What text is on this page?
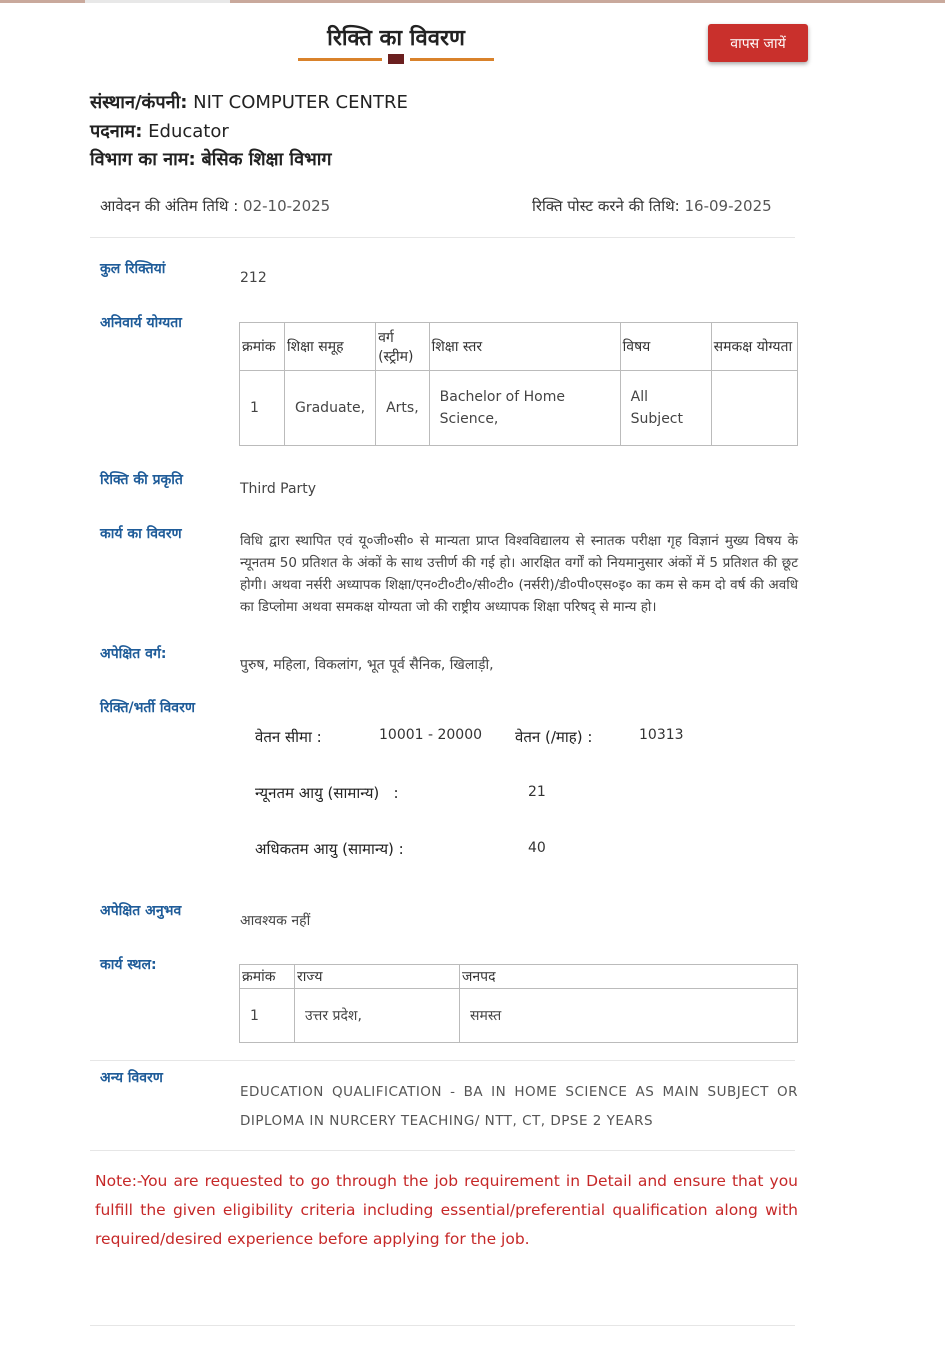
रिक्ति का विवरण	वापस जायें
संस्थान/कंपनी: NIT COMPUTER CENTRE
पदनाम: Educator
विभाग का नाम: बेसिक शिक्षा विभाग
आवेदन की अंतिम तिथि : 02-10-2025	रिक्ति पोस्ट करने की तिथि: 16-09-2025
कुल रिक्तियां
212
अनिवार्य योग्यता
क्रमांक	शिक्षा समूह	वर्ग (स्ट्रीम)	शिक्षा स्तर	विषय	समकक्ष योग्यता
1	Graduate,	Arts,	Bachelor of Home Science,	All Subject	
रिक्ति की प्रकृति
Third Party
कार्य का विवरण	विधि द्वारा स्थापित एवं यू०जी०सी० से मान्यता प्राप्त विश्वविद्यालय से स्नातक परीक्षा गृह विज्ञानं मुख्य विषय के न्यूनतम 50 प्रतिशत के अंकों के साथ उत्तीर्ण की गई हो। आरक्षित वर्गों को नियमानुसार अंकों में 5 प्रतिशत की छूट होगी। अथवा नर्सरी अध्यापक शिक्षा/एन०टी०टी०/सी०टी० (नर्सरी)/डी०पी०एस०इ० का कम से कम दो वर्ष की अवधि का डिप्लोमा अथवा समकक्ष योग्यता जो की राष्ट्रीय अध्यापक शिक्षा परिषद् से मान्य हो।
अपेक्षित वर्ग:
पुरुष, महिला, विकलांग, भूत पूर्व सैनिक, खिलाड़ी,
रिक्ति/भर्ती विवरण
वेतन सीमा :	10001 - 20000 वेतन (/माह) :	10313
न्यूनतम आयु (सामान्य)   :	21
अधिकतम आयु (सामान्य) :	40
अपेक्षित अनुभव
आवश्यक नहीं
कार्य स्थल:
क्रमांक	राज्य	जनपद
1	उत्तर प्रदेश,	समस्त
अन्य विवरण
EDUCATION QUALIFICATION - BA IN HOME SCIENCE AS MAIN SUBJECT OR DIPLOMA IN NURCERY TEACHING/ NTT, CT, DPSE 2 YEARS
Note:-You are requested to go through the job requirement in Detail and ensure that you fulfill the given eligibility criteria including essential/preferential qualification along with required/desired experience before applying for the job.
